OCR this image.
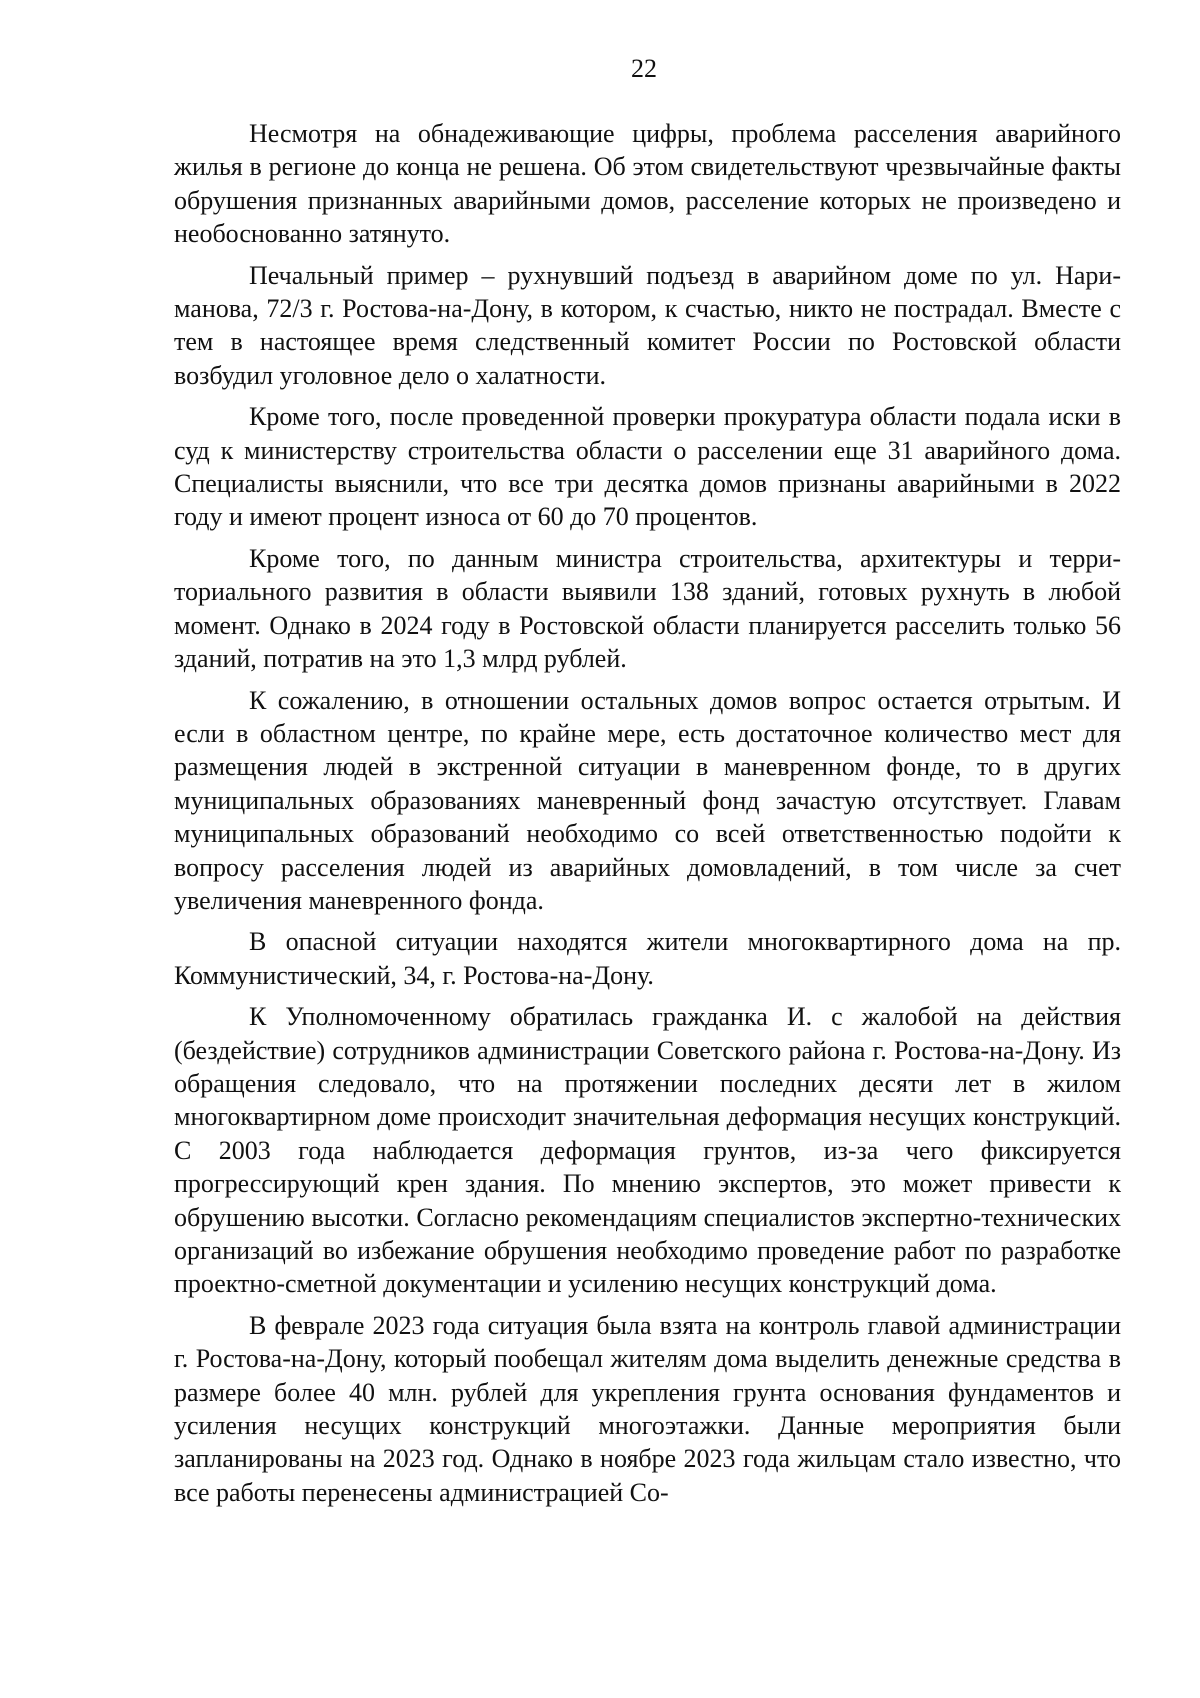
22

Несмотря на обнадеживающие цифры, проблема расселения аварийного жилья в регионе до конца не решена. Об этом свидетельствуют чрезвычайные факты обрушения признанных аварийными домов, расселение которых не произведено и необоснованно затянуто.

Печальный пример – рухнувший подъезд в аварийном доме по ул. Нариманова, 72/3 г. Ростова-на-Дону, в котором, к счастью, никто не пострадал. Вместе с тем в настоящее время следственный комитет России по Ростовской области возбудил уголовное дело о халатности.

Кроме того, после проведенной проверки прокуратура области подала иски в суд к министерству строительства области о расселении еще 31 аварийного дома. Специалисты выяснили, что все три десятка домов признаны аварийными в 2022 году и имеют процент износа от 60 до 70 процентов.

Кроме того, по данным министра строительства, архитектуры и территориального развития в области выявили 138 зданий, готовых рухнуть в любой момент. Однако в 2024 году в Ростовской области планируется расселить только 56 зданий, потратив на это 1,3 млрд рублей.

К сожалению, в отношении остальных домов вопрос остается отрытым. И если в областном центре, по крайне мере, есть достаточное количество мест для размещения людей в экстренной ситуации в маневренном фонде, то в других муниципальных образованиях маневренный фонд зачастую отсутствует. Главам муниципальных образований необходимо со всей ответственностью подойти к вопросу расселения людей из аварийных домовладений, в том числе за счет увеличения маневренного фонда.

В опасной ситуации находятся жители многоквартирного дома на пр. Коммунистический, 34, г. Ростова-на-Дону.

К Уполномоченному обратилась гражданка И. с жалобой на действия (бездействие) сотрудников администрации Советского района г. Ростова-на-Дону. Из обращения следовало, что на протяжении последних десяти лет в жилом многоквартирном доме происходит значительная деформация несущих конструкций. С 2003 года наблюдается деформация грунтов, из-за чего фиксируется прогрессирующий крен здания. По мнению экспертов, это может привести к обрушению высотки. Согласно рекомендациям специалистов экспертно-технических организаций во избежание обрушения необходимо проведение работ по разработке проектно-сметной документации и усилению несущих конструкций дома.

В феврале 2023 года ситуация была взята на контроль главой администрации г. Ростова-на-Дону, который пообещал жителям дома выделить денежные средства в размере более 40 млн. рублей для укрепления грунта основания фундаментов и усиления несущих конструкций многоэтажки. Данные мероприятия были запланированы на 2023 год. Однако в ноябре 2023 года жильцам стало известно, что все работы перенесены администрацией Со-
